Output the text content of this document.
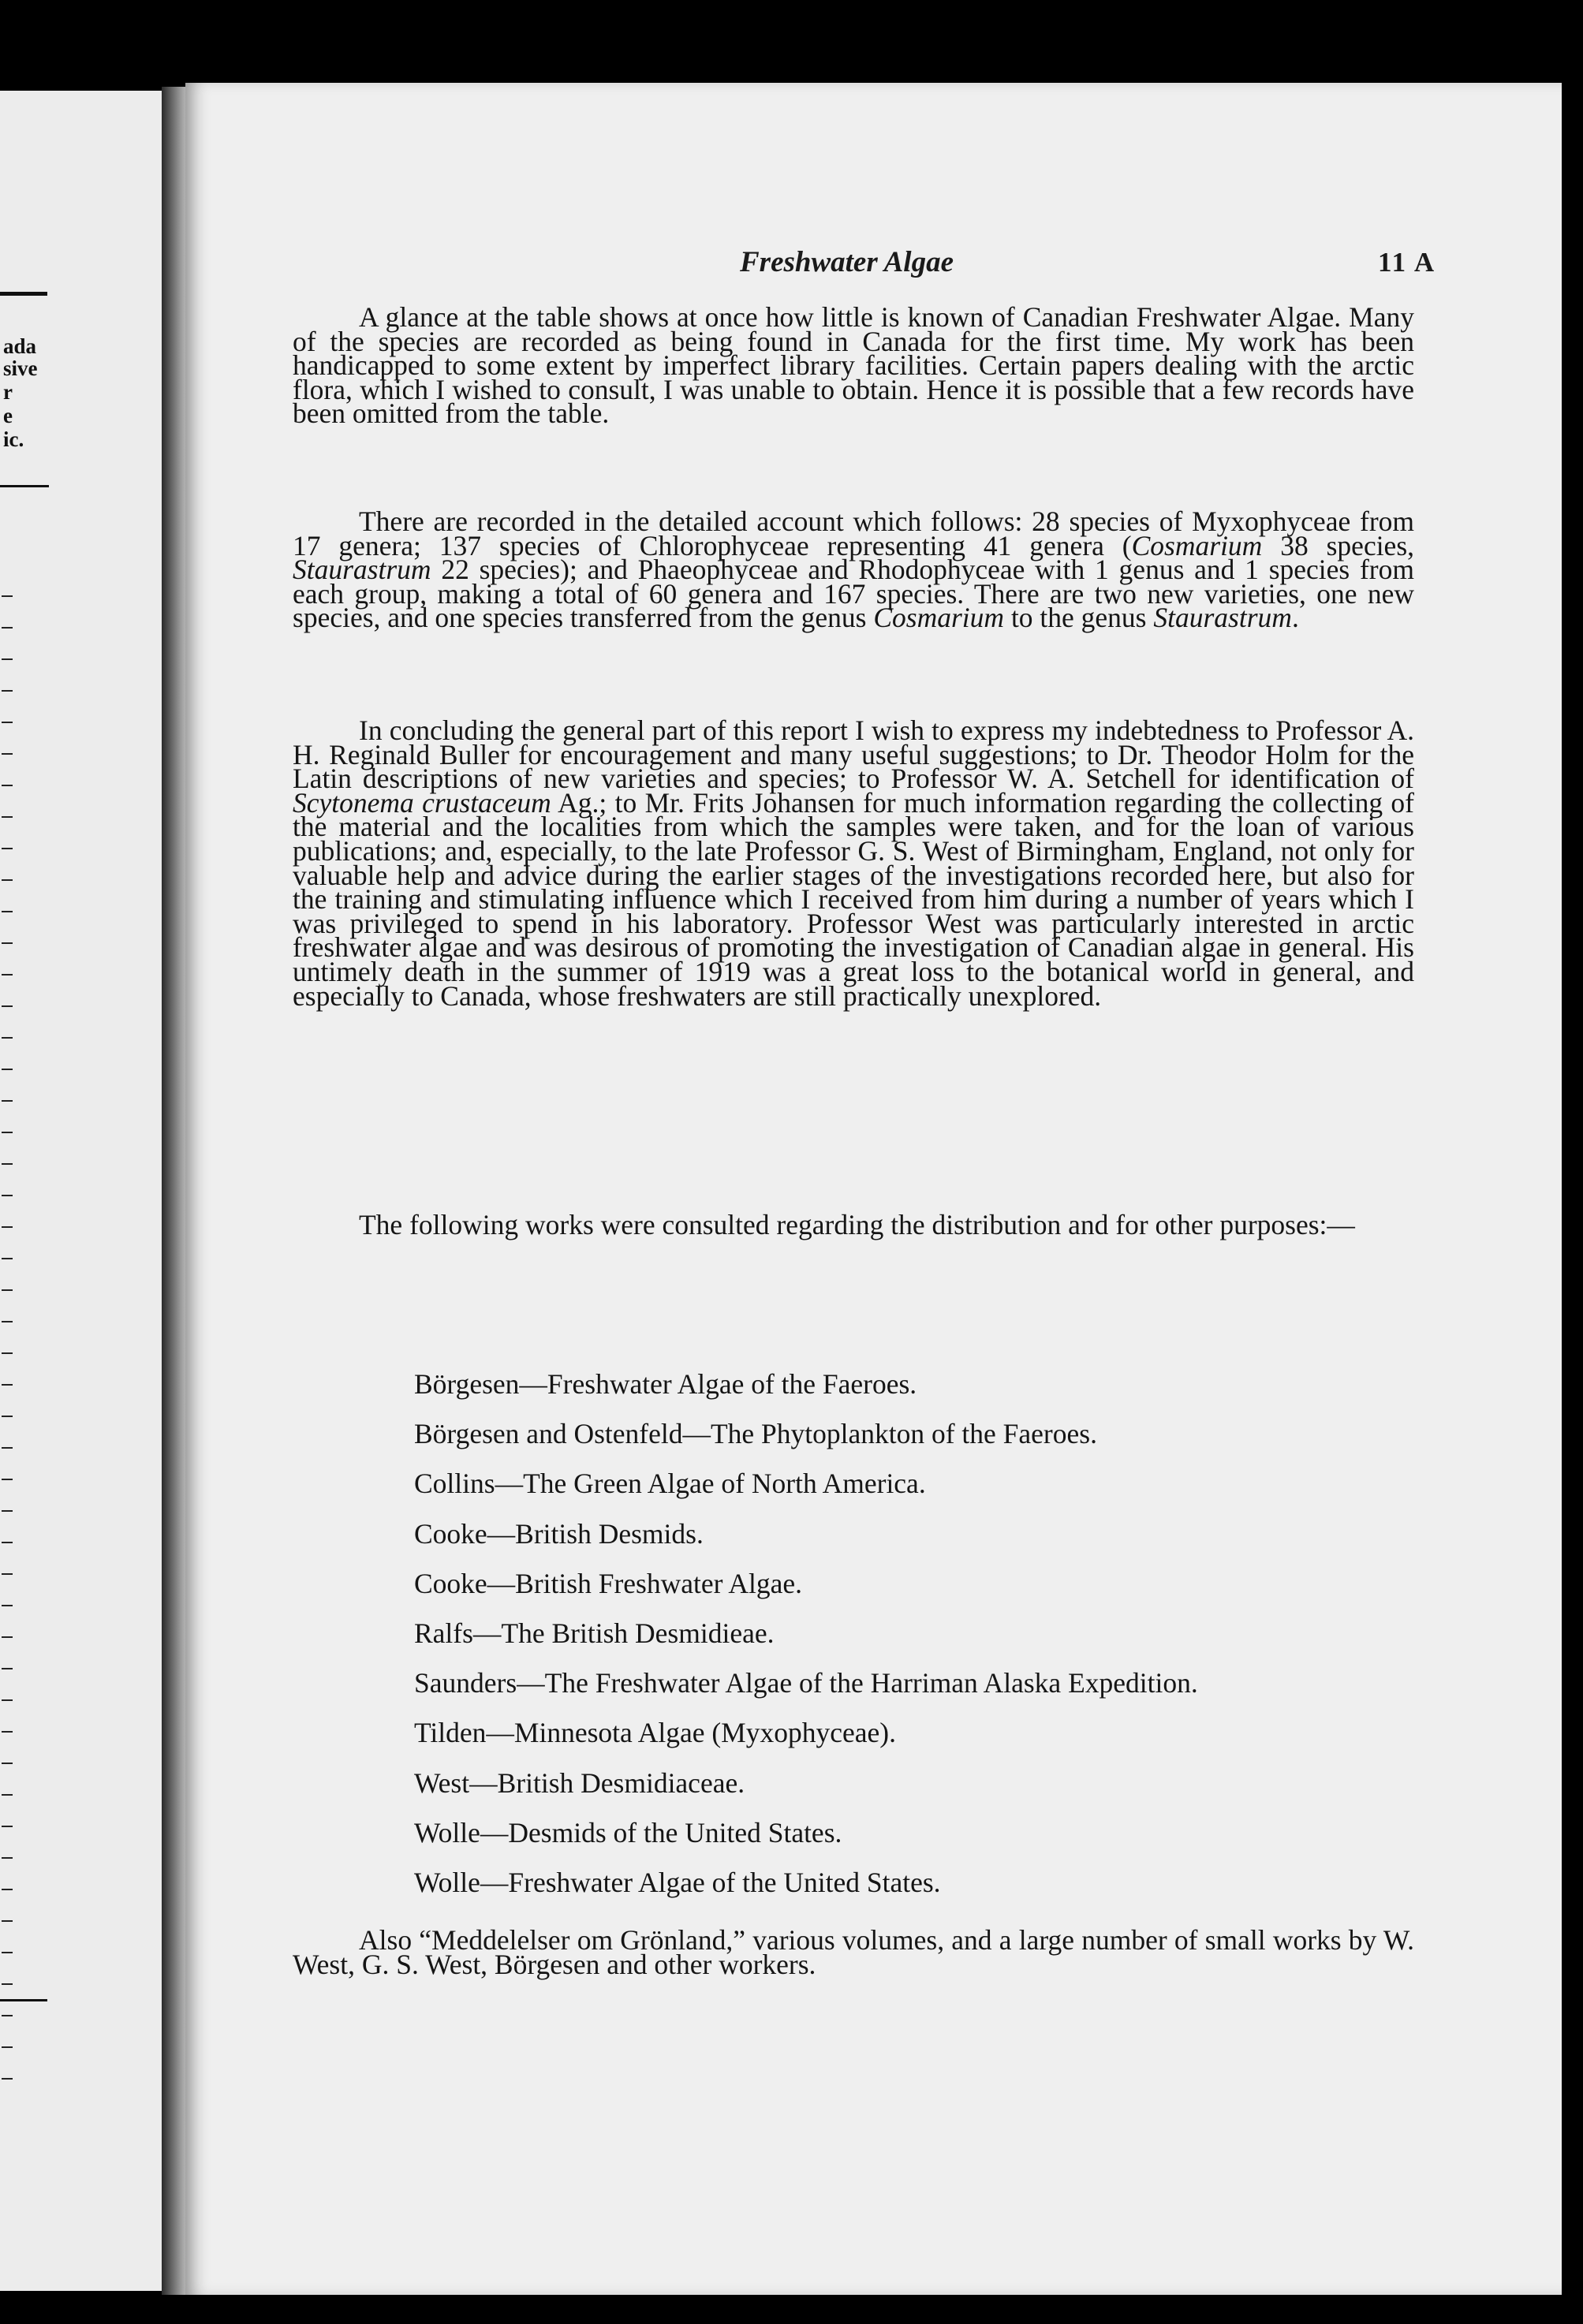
ada
sive
r
e
ic.
Freshwater Algae	11 A

A glance at the table shows at once how little is known of Canadian Freshwater Algae. Many of the species are recorded as being found in Canada for the first time. My work has been handicapped to some extent by imperfect library facilities. Certain papers dealing with the arctic flora, which I wished to consult, I was unable to obtain. Hence it is possible that a few records have been omitted from the table.

There are recorded in the detailed account which follows: 28 species of Myxophyceae from 17 genera; 137 species of Chlorophyceae representing 41 genera (Cosmarium 38 species, Staurastrum 22 species); and Phaeophyceae and Rhodophyceae with 1 genus and 1 species from each group, making a total of 60 genera and 167 species. There are two new varieties, one new species, and one species transferred from the genus Cosmarium to the genus Staurastrum.

In concluding the general part of this report I wish to express my indebtedness to Professor A. H. Reginald Buller for encouragement and many useful suggestions; to Dr. Theodor Holm for the Latin descriptions of new varieties and species; to Professor W. A. Setchell for identification of Scytonema crustaceum Ag.; to Mr. Frits Johansen for much information regarding the collecting of the material and the localities from which the samples were taken, and for the loan of various publications; and, especially, to the late Professor G. S. West of Birmingham, England, not only for valuable help and advice during the earlier stages of the investigations recorded here, but also for the training and stimulating influence which I received from him during a number of years which I was privileged to spend in his laboratory. Professor West was particularly interested in arctic freshwater algae and was desirous of promoting the investigation of Canadian algae in general. His untimely death in the summer of 1919 was a great loss to the botanical world in general, and especially to Canada, whose freshwaters are still practically unexplored.

The following works were consulted regarding the distribution and for other purposes:—

Börgesen—Freshwater Algae of the Faeroes.
Börgesen and Ostenfeld—The Phytoplankton of the Faeroes.
Collins—The Green Algae of North America.
Cooke—British Desmids.
Cooke—British Freshwater Algae.
Ralfs—The British Desmidieae.
Saunders—The Freshwater Algae of the Harriman Alaska Expedition.
Tilden—Minnesota Algae (Myxophyceae).
West—British Desmidiaceae.
Wolle—Desmids of the United States.
Wolle—Freshwater Algae of the United States.

Also “Meddelelser om Grönland,” various volumes, and a large number of small works by W. West, G. S. West, Börgesen and other workers.
